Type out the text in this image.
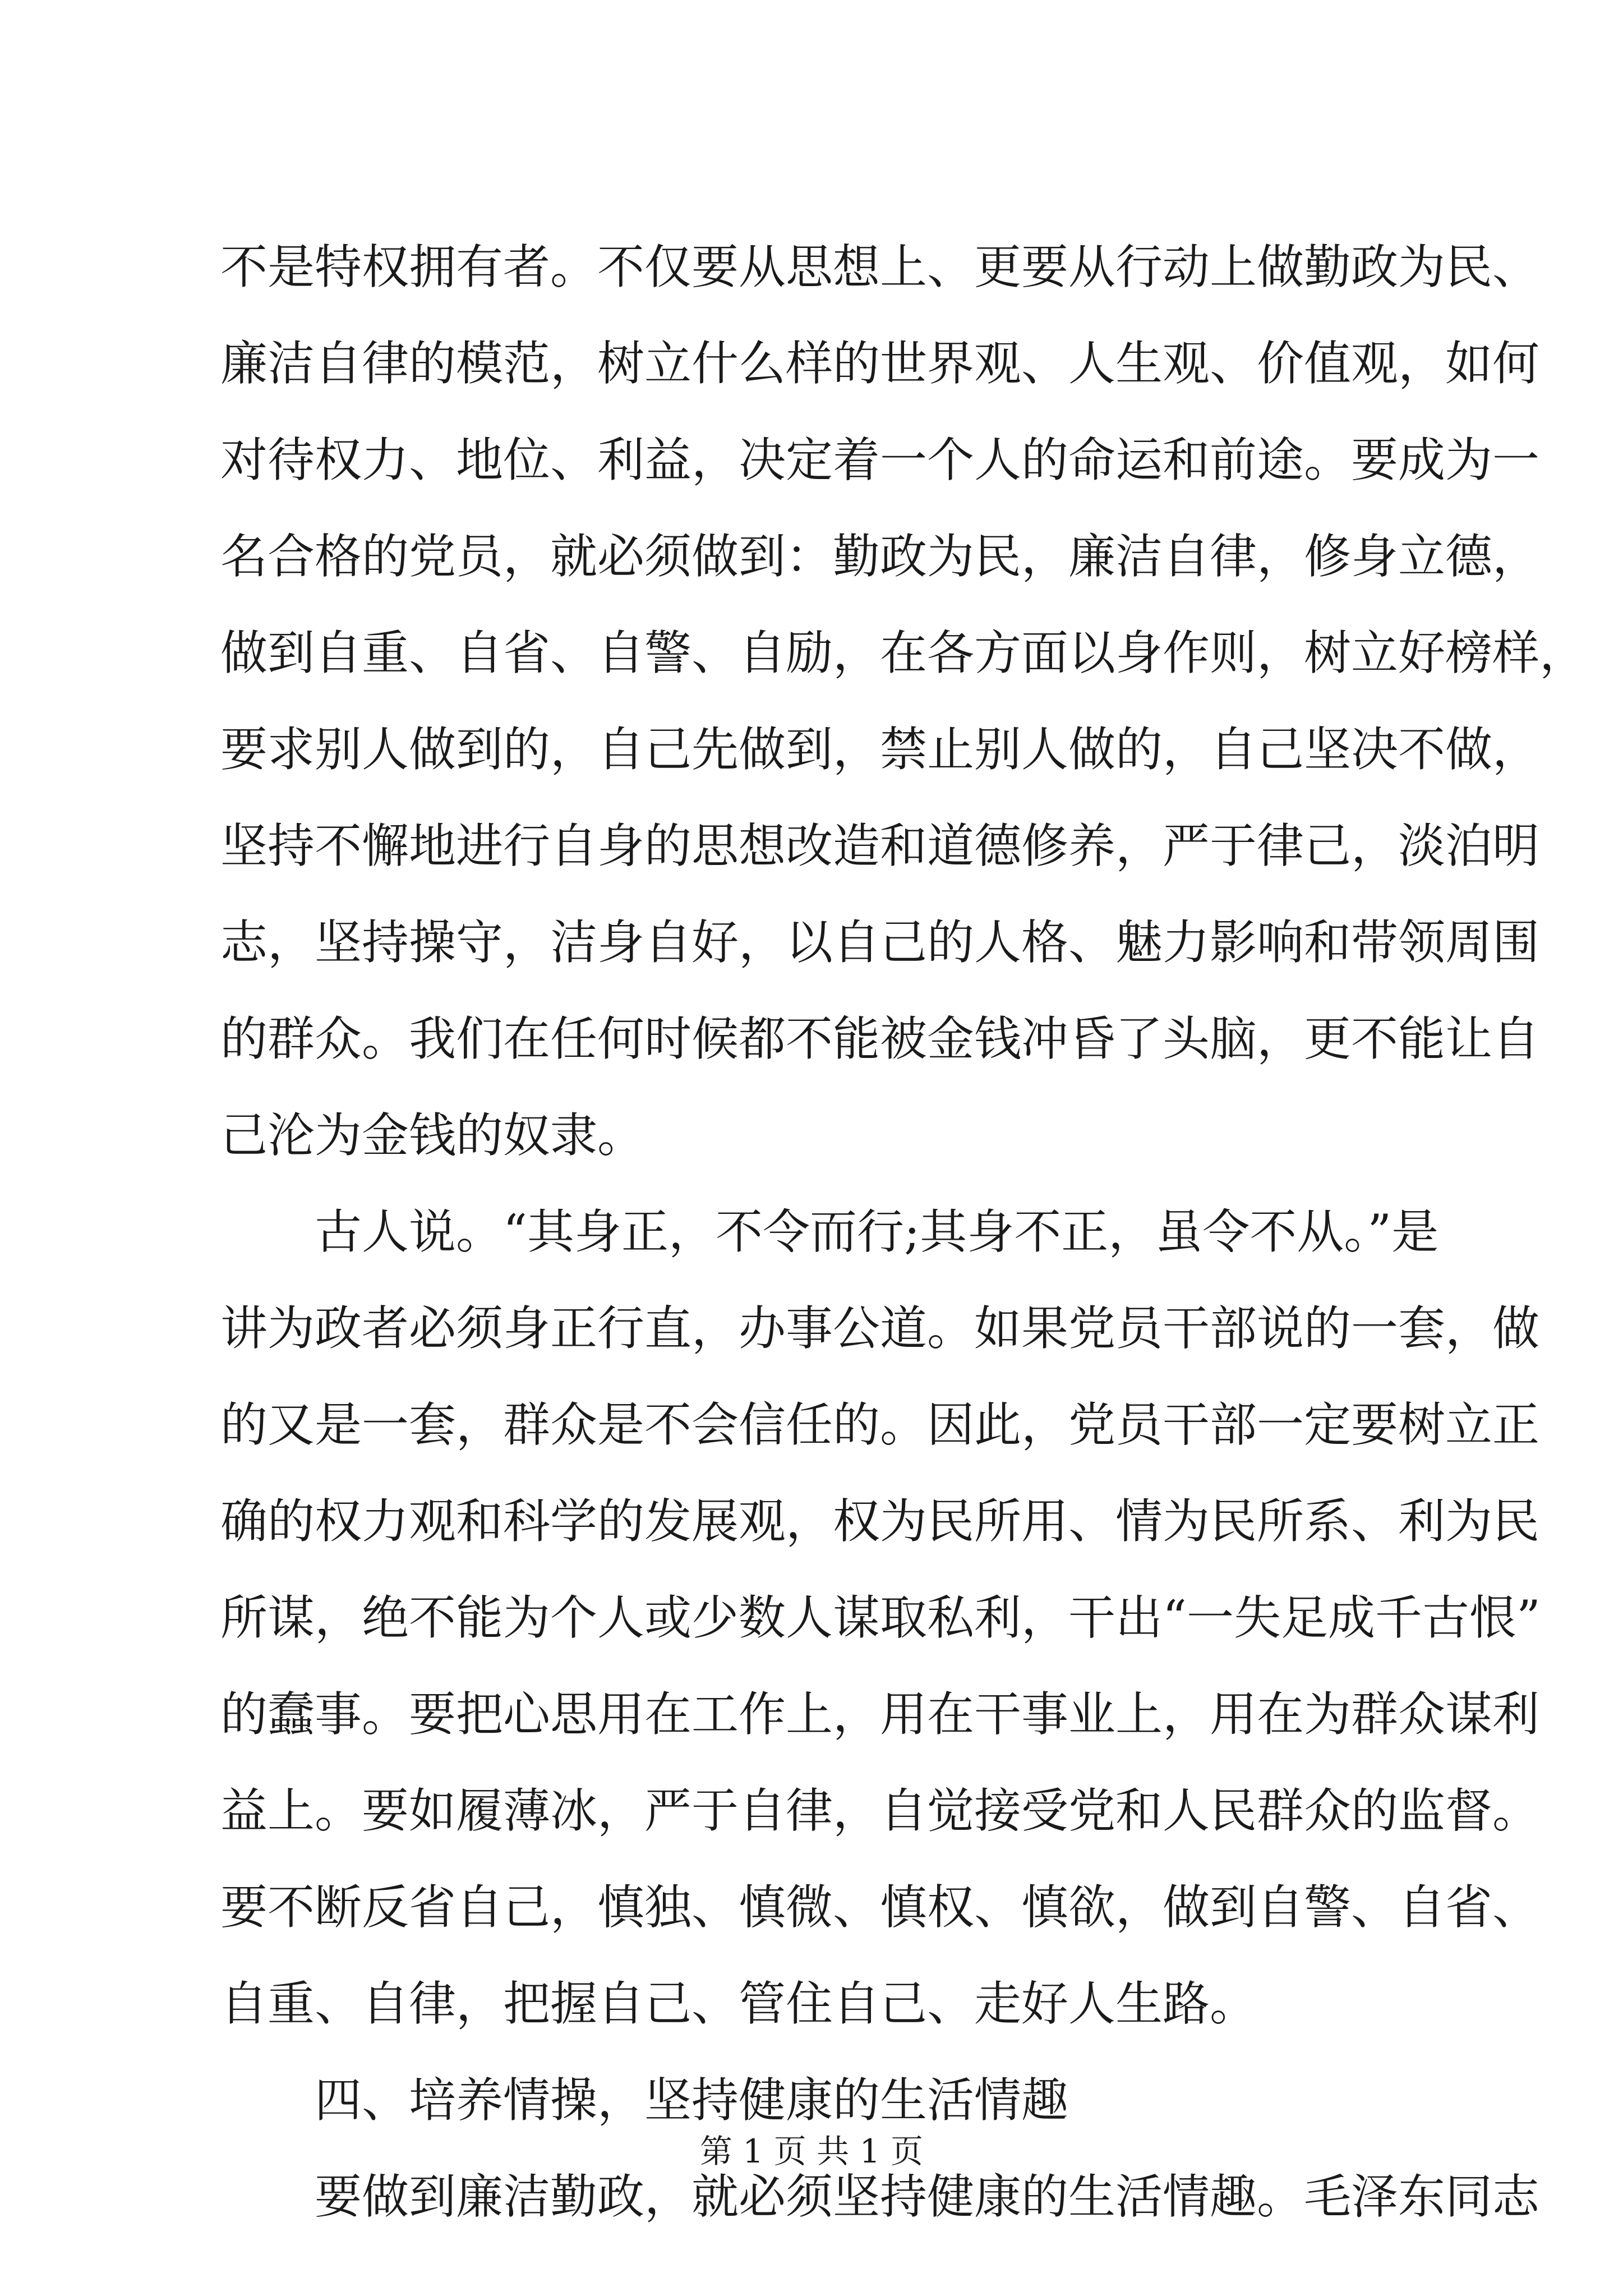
不是特权拥有者。不仅要从思想上、更要从行动上做勤政为民、
廉洁自律的模范，树立什么样的世界观、人生观、价值观，如何
对待权力、地位、利益，决定着一个人的命运和前途。要成为一
名合格的党员，就必须做到：勤政为民，廉洁自律，修身立德，
做到自重、自省、自警、自励，在各方面以身作则，树立好榜样，
要求别人做到的，自己先做到，禁止别人做的，自己坚决不做，
坚持不懈地进行自身的思想改造和道德修养，严于律己，淡泊明
志，坚持操守，洁身自好，以自己的人格、魅力影响和带领周围
的群众。我们在任何时候都不能被金钱冲昏了头脑，更不能让自
己沦为金钱的奴隶。
古人说。“其身正，不令而行;其身不正，虽令不从。”是
讲为政者必须身正行直，办事公道。如果党员干部说的一套，做
的又是一套，群众是不会信任的。因此，党员干部一定要树立正
确的权力观和科学的发展观，权为民所用、情为民所系、利为民
所谋，绝不能为个人或少数人谋取私利，干出“一失足成千古恨”
的蠢事。要把心思用在工作上，用在干事业上，用在为群众谋利
益上。要如履薄冰，严于自律，自觉接受党和人民群众的监督。
要不断反省自己，慎独、慎微、慎权、慎欲，做到自警、自省、
自重、自律，把握自己、管住自己、走好人生路。
四、培养情操，坚持健康的生活情趣
要做到廉洁勤政，就必须坚持健康的生活情趣。毛泽东同志
第 1 页 共 1 页
